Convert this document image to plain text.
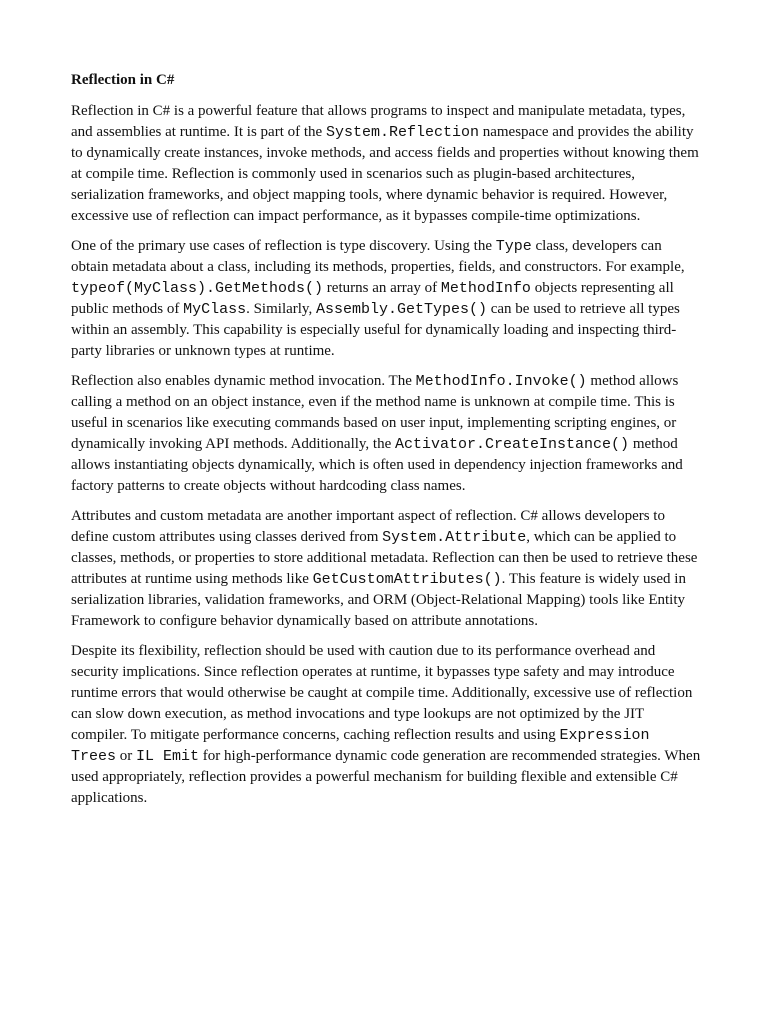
Reflection in C#

Reflection in C# is a powerful feature that allows programs to inspect and manipulate metadata, types, and assemblies at runtime. It is part of the System.Reflection namespace and provides the ability to dynamically create instances, invoke methods, and access fields and properties without knowing them at compile time. Reflection is commonly used in scenarios such as plugin-based architectures, serialization frameworks, and object mapping tools, where dynamic behavior is required. However, excessive use of reflection can impact performance, as it bypasses compile-time optimizations.

One of the primary use cases of reflection is type discovery. Using the Type class, developers can obtain metadata about a class, including its methods, properties, fields, and constructors. For example, typeof(MyClass).GetMethods() returns an array of MethodInfo objects representing all public methods of MyClass. Similarly, Assembly.GetTypes() can be used to retrieve all types within an assembly. This capability is especially useful for dynamically loading and inspecting third-party libraries or unknown types at runtime.

Reflection also enables dynamic method invocation. The MethodInfo.Invoke() method allows calling a method on an object instance, even if the method name is unknown at compile time. This is useful in scenarios like executing commands based on user input, implementing scripting engines, or dynamically invoking API methods. Additionally, the Activator.CreateInstance() method allows instantiating objects dynamically, which is often used in dependency injection frameworks and factory patterns to create objects without hardcoding class names.

Attributes and custom metadata are another important aspect of reflection. C# allows developers to define custom attributes using classes derived from System.Attribute, which can be applied to classes, methods, or properties to store additional metadata. Reflection can then be used to retrieve these attributes at runtime using methods like GetCustomAttributes(). This feature is widely used in serialization libraries, validation frameworks, and ORM (Object-Relational Mapping) tools like Entity Framework to configure behavior dynamically based on attribute annotations.

Despite its flexibility, reflection should be used with caution due to its performance overhead and security implications. Since reflection operates at runtime, it bypasses type safety and may introduce runtime errors that would otherwise be caught at compile time. Additionally, excessive use of reflection can slow down execution, as method invocations and type lookups are not optimized by the JIT compiler. To mitigate performance concerns, caching reflection results and using Expression Trees or IL Emit for high-performance dynamic code generation are recommended strategies. When used appropriately, reflection provides a powerful mechanism for building flexible and extensible C# applications.
